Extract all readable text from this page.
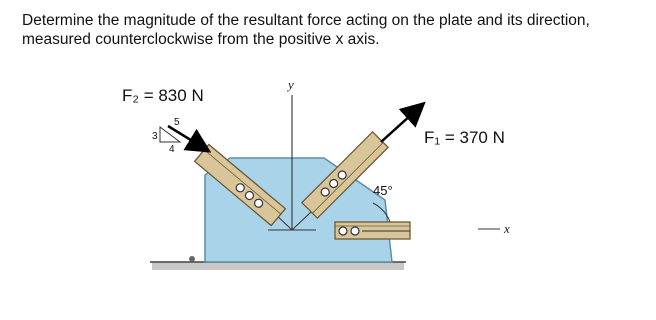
Determine the magnitude of the resultant force acting on the plate and its direction,
measured counterclockwise from the positive x axis.
y
45°
F₂ = 830 N
5
3
4
F₁ = 370 N
x
